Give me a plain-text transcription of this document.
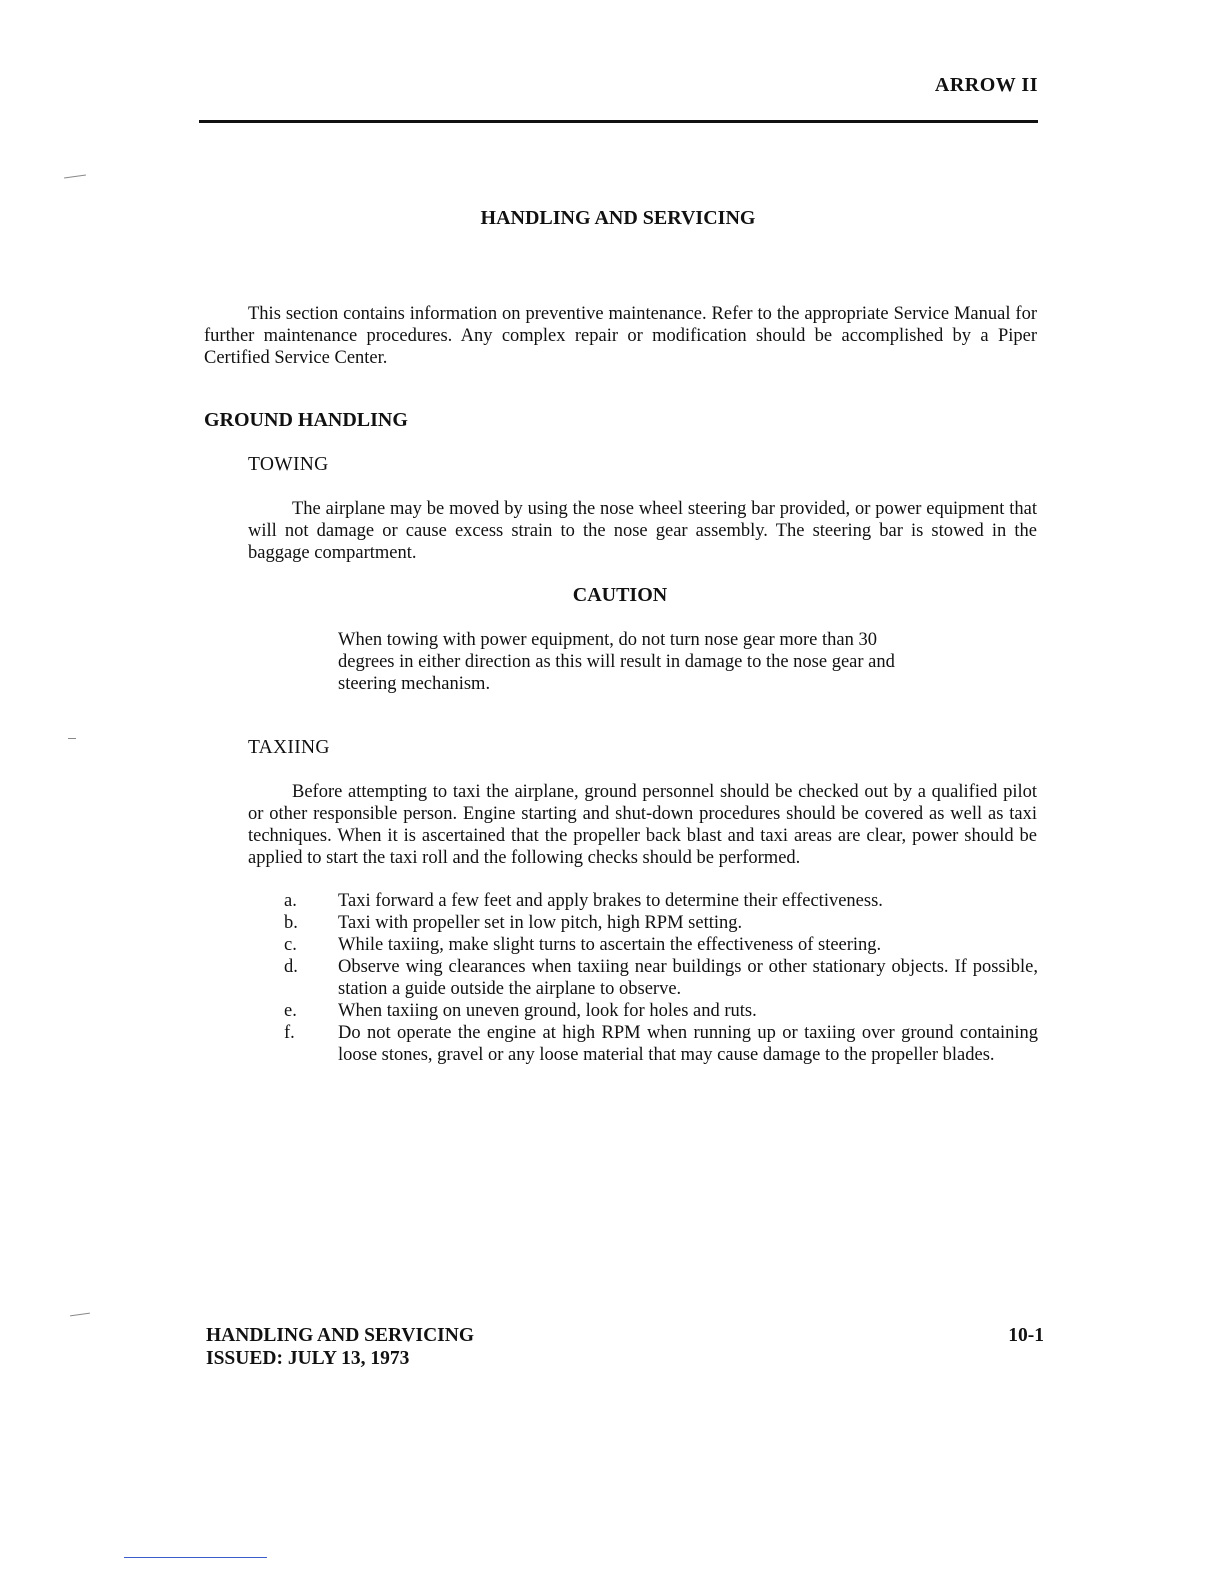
ARROW II
HANDLING AND SERVICING

This section contains information on preventive maintenance. Refer to the appropriate Service Manual for further maintenance procedures. Any complex repair or modification should be accomplished by a Piper Certified Service Center.

GROUND HANDLING
TOWING

The airplane may be moved by using the nose wheel steering bar provided, or power equipment that will not damage or cause excess strain to the nose gear assembly. The steering bar is stowed in the baggage compartment.

CAUTION

When towing with power equipment, do not turn nose gear more than 30 degrees in either direction as this will result in damage to the nose gear and steering mechanism.

TAXIING

Before attempting to taxi the airplane, ground personnel should be checked out by a qualified pilot or other responsible person. Engine starting and shut-down procedures should be covered as well as taxi techniques. When it is ascertained that the propeller back blast and taxi areas are clear, power should be applied to start the taxi roll and the following checks should be performed.

a.	Taxi forward a few feet and apply brakes to determine their effectiveness.
b.	Taxi with propeller set in low pitch, high RPM setting.
c.	While taxiing, make slight turns to ascertain the effectiveness of steering.
d.	Observe wing clearances when taxiing near buildings or other stationary objects. If possible, station a guide outside the airplane to observe.
e.	When taxiing on uneven ground, look for holes and ruts.
f.	Do not operate the engine at high RPM when running up or taxiing over ground containing loose stones, gravel or any loose material that may cause damage to the propeller blades.
HANDLING AND SERVICING
ISSUED: JULY 13, 1973
10-1
